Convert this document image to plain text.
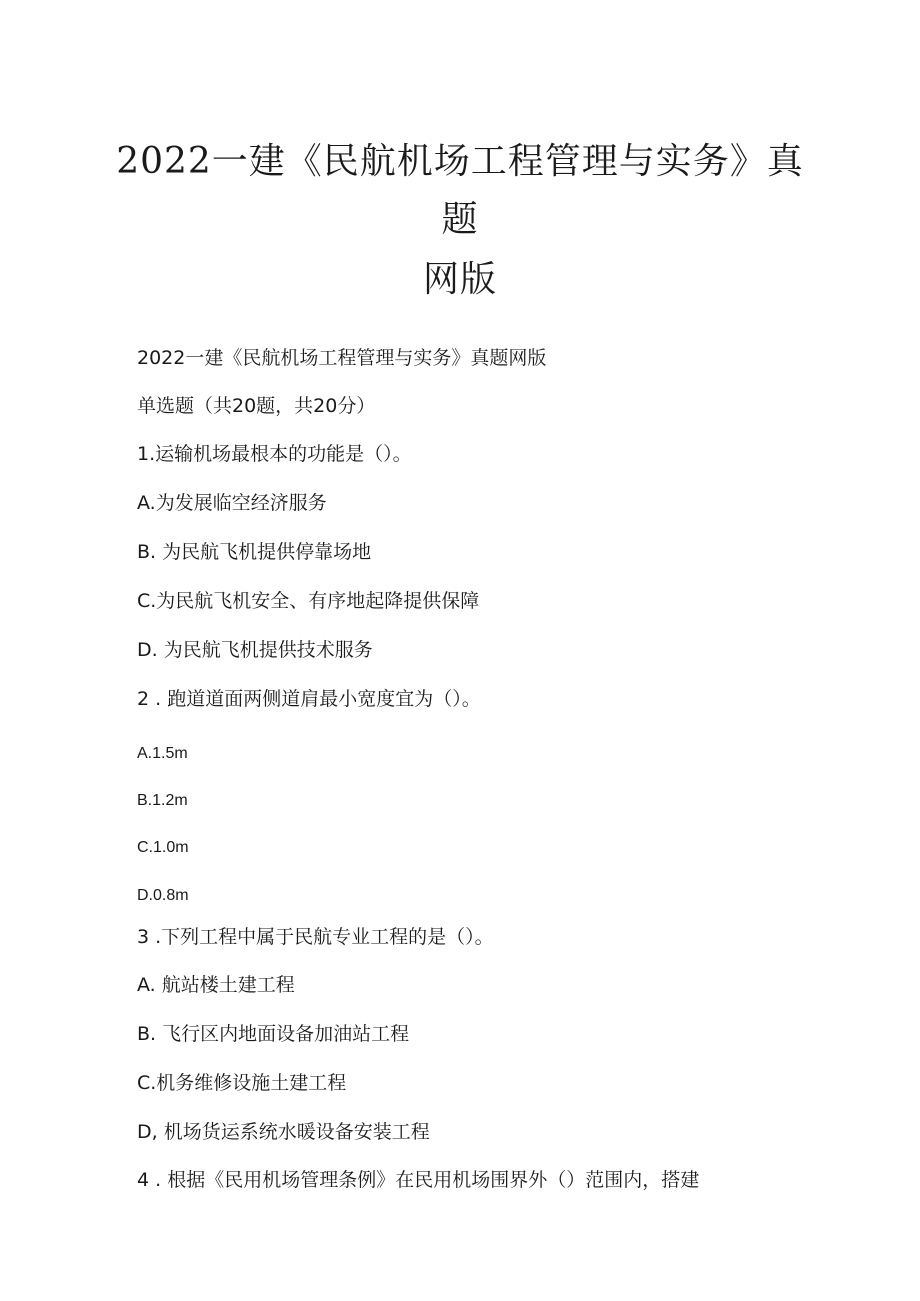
2022一建《民航机场工程管理与实务》真
题
网版
2022一建《民航机场工程管理与实务》真题网版
单选题（共20题，共20分）
1.运输机场最根本的功能是（）。
A.为发展临空经济服务
B. 为民航飞机提供停靠场地
C.为民航飞机安全、有序地起降提供保障
D. 为民航飞机提供技术服务
2 . 跑道道面两侧道肩最小宽度宜为（）。
A.1.5m
B.1.2m
C.1.0m
D.0.8m
3 .下列工程中属于民航专业工程的是（）。
A. 航站楼土建工程
B. 飞行区内地面设备加油站工程
C.机务维修设施土建工程
D, 机场货运系统水暖设备安装工程
4 . 根据《民用机场管理条例》在民用机场围界外（）范围内，搭建
